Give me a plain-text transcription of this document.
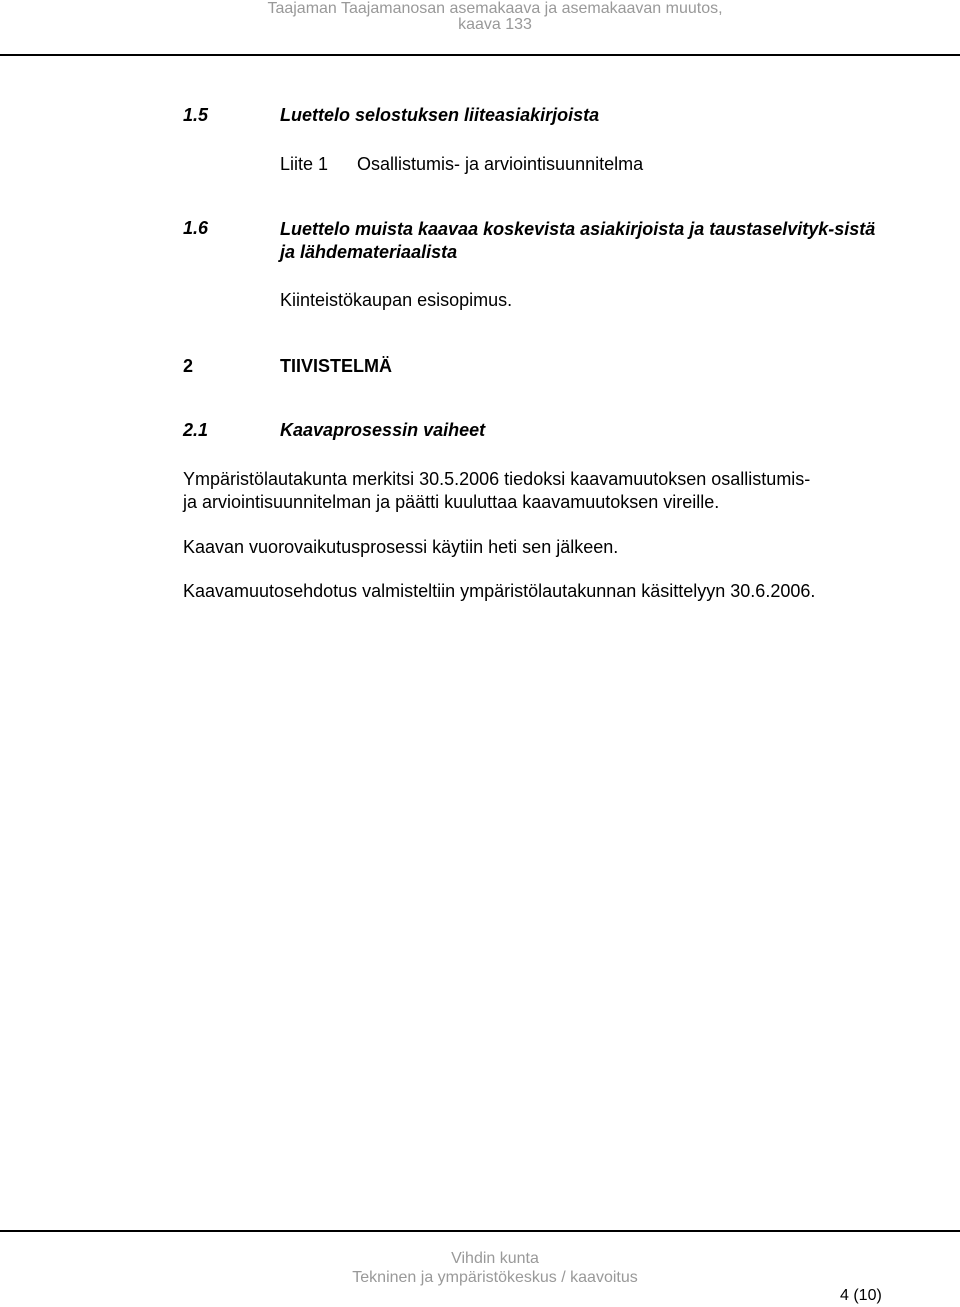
Taajaman Taajamanosan asemakaava ja asemakaavan muutos,
kaava 133
1.5	Luettelo selostuksen liiteasiakirjoista
Liite 1 Osallistumis- ja arviointisuunnitelma
1.6	Luettelo muista kaavaa koskevista asiakirjoista ja taustaselvityk-sistä ja lähdemateriaalista
Kiinteistökaupan esisopimus.
2	TIIVISTELMÄ
2.1	Kaavaprosessin vaiheet
Ympäristölautakunta merkitsi 30.5.2006 tiedoksi kaavamuutoksen osallistumis-
ja arviointisuunnitelman ja päätti kuuluttaa kaavamuutoksen vireille.
Kaavan vuorovaikutusprosessi käytiin heti sen jälkeen.
Kaavamuutosehdotus valmisteltiin ympäristölautakunnan käsittelyyn 30.6.2006.
Vihdin kunta
Tekninen ja ympäristökeskus / kaavoitus
4 (10)
